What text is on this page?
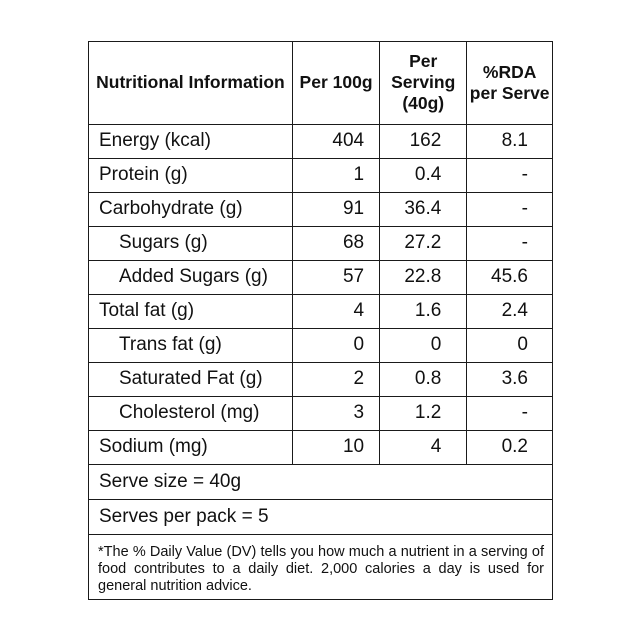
Nutritional Information	Per 100g	Per Serving (40g)	%RDA per Serve
Energy (kcal)	404	162	8.1
Protein (g)	1	0.4	-
Carbohydrate (g)	91	36.4	-
Sugars (g)	68	27.2	-
Added Sugars (g)	57	22.8	45.6
Total fat (g)	4	1.6	2.4
Trans fat (g)	0	0	0
Saturated Fat (g)	2	0.8	3.6
Cholesterol (mg)	3	1.2	-
Sodium (mg)	10	4	0.2
Serve size = 40g			
Serves per pack = 5			
*The % Daily Value (DV) tells you how much a nutrient in a serving of food contributes to a daily diet. 2,000 calories a day is used for general nutrition advice.			
